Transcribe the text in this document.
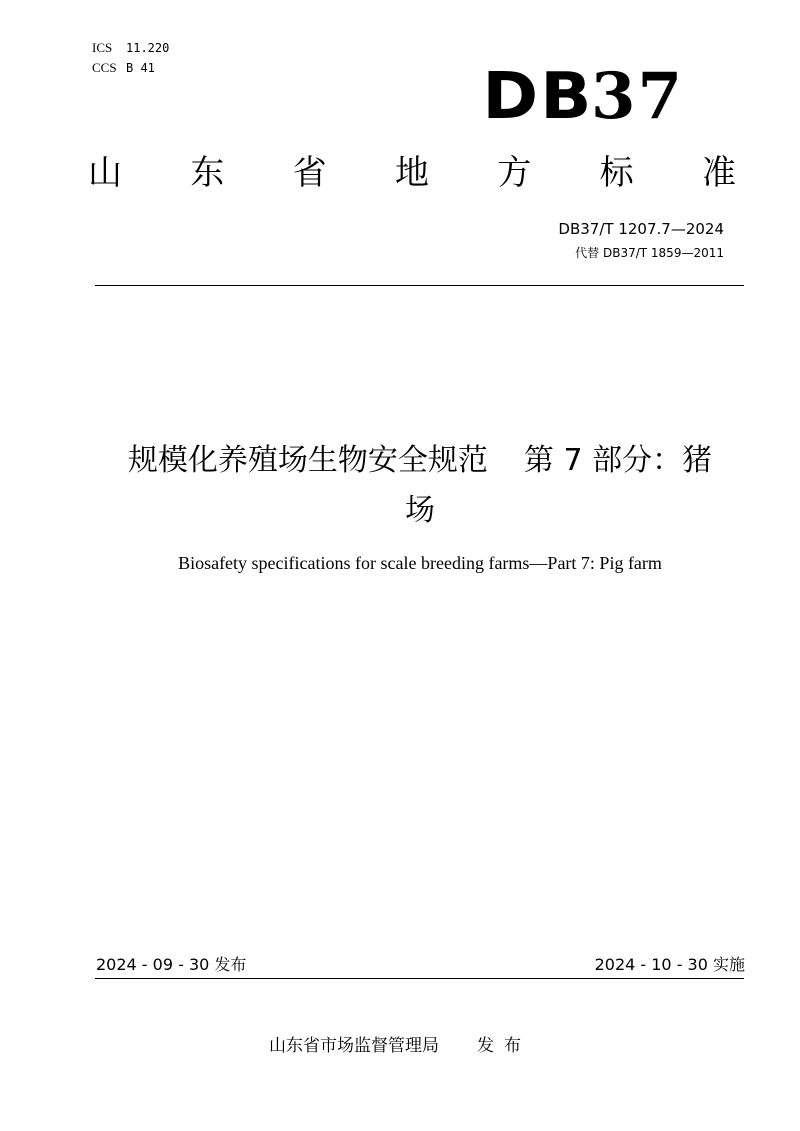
ICS	11.220
CCS B 41	DB37
山 东 省 地 方 标 准
DB37/T 1207.7—2024
代替 DB37/T 1859—2011
规模化养殖场生物安全规范 第 7 部分：猪
场
Biosafety specifications for scale breeding farms—Part 7: Pig farm
2024 - 09 - 30 发布	2024 - 10 - 30 实施
山东省市场监督管理局 发布
